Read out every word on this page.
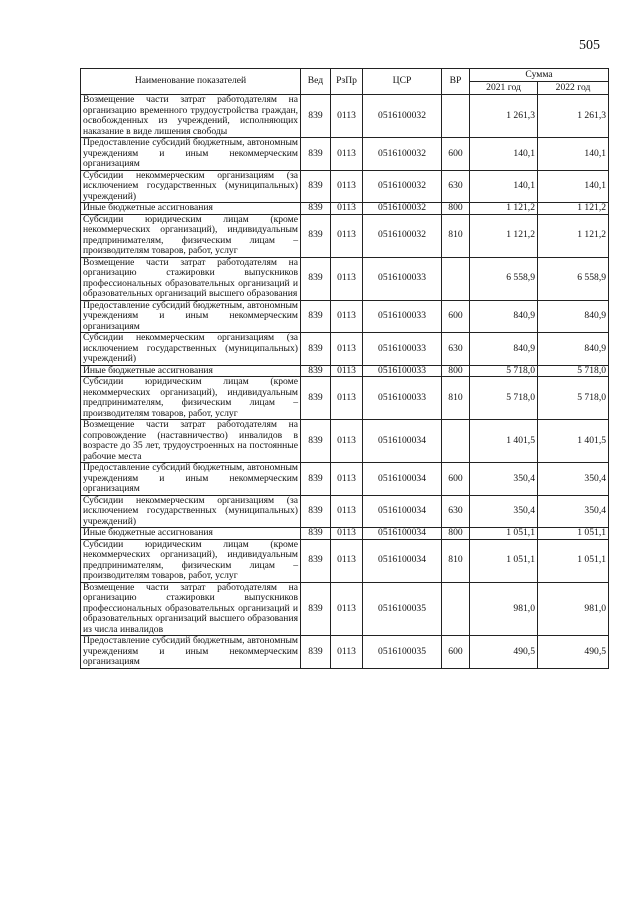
505
Наименование показателей	Вед	РзПр	ЦСР	ВР	Сумма	
					2021 год	2022 год
Возмещение части затрат работодателям на организацию временного трудоустройства граждан, освобожденных из учреждений, исполняющих наказание в виде лишения свободы	839	0113	0516100032		1 261,3	1 261,3
Предоставление субсидий бюджетным, автономным учреждениям и иным некоммерческим организациям	839	0113	0516100032	600	140,1	140,1
Субсидии некоммерческим организациям (за исключением государственных (муниципальных) учреждений)	839	0113	0516100032	630	140,1	140,1
Иные бюджетные ассигнования	839	0113	0516100032	800	1 121,2	1 121,2
Субсидии юридическим лицам (кроме некоммерческих организаций), индивидуальным предпринимателям, физическим лицам – производителям товаров, работ, услуг	839	0113	0516100032	810	1 121,2	1 121,2
Возмещение части затрат работодателям на организацию стажировки выпускников профессиональных образовательных организаций и образовательных организаций высшего образования	839	0113	0516100033		6 558,9	6 558,9
Предоставление субсидий бюджетным, автономным учреждениям и иным некоммерческим организациям	839	0113	0516100033	600	840,9	840,9
Субсидии некоммерческим организациям (за исключением государственных (муниципальных) учреждений)	839	0113	0516100033	630	840,9	840,9
Иные бюджетные ассигнования	839	0113	0516100033	800	5 718,0	5 718,0
Субсидии юридическим лицам (кроме некоммерческих организаций), индивидуальным предпринимателям, физическим лицам – производителям товаров, работ, услуг	839	0113	0516100033	810	5 718,0	5 718,0
Возмещение части затрат работодателям на сопровождение (наставничество) инвалидов в возрасте до 35 лет, трудоустроенных на постоянные рабочие места	839	0113	0516100034		1 401,5	1 401,5
Предоставление субсидий бюджетным, автономным учреждениям и иным некоммерческим организациям	839	0113	0516100034	600	350,4	350,4
Субсидии некоммерческим организациям (за исключением государственных (муниципальных) учреждений)	839	0113	0516100034	630	350,4	350,4
Иные бюджетные ассигнования	839	0113	0516100034	800	1 051,1	1 051,1
Субсидии юридическим лицам (кроме некоммерческих организаций), индивидуальным предпринимателям, физическим лицам – производителям товаров, работ, услуг	839	0113	0516100034	810	1 051,1	1 051,1
Возмещение части затрат работодателям на организацию стажировки выпускников профессиональных образовательных организаций и образовательных организаций высшего образования из числа инвалидов	839	0113	0516100035		981,0	981,0
Предоставление субсидий бюджетным, автономным учреждениям и иным некоммерческим организациям	839	0113	0516100035	600	490,5	490,5
